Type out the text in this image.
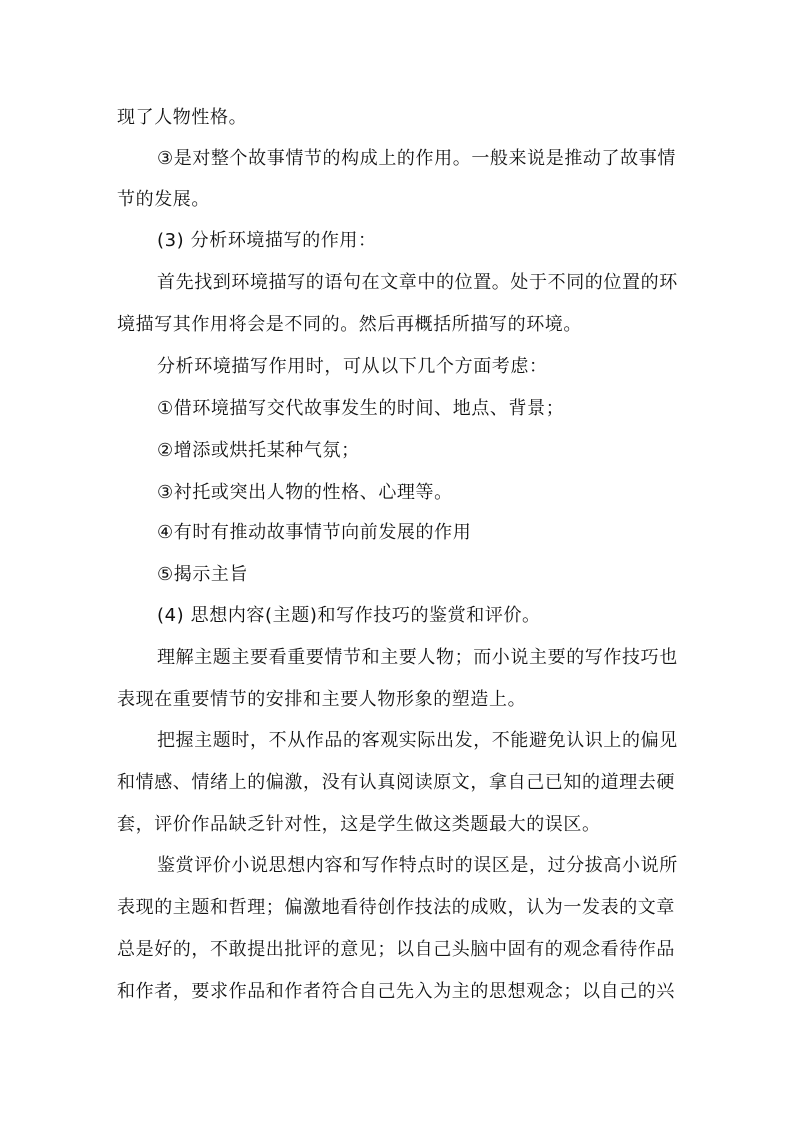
现了人物性格。
③是对整个故事情节的构成上的作用。一般来说是推动了故事情
节的发展。
(3) 分析环境描写的作用：
首先找到环境描写的语句在文章中的位置。处于不同的位置的环
境描写其作用将会是不同的。然后再概括所描写的环境。
分析环境描写作用时，可从以下几个方面考虑：
①借环境描写交代故事发生的时间、地点、背景；
②增添或烘托某种气氛；
③衬托或突出人物的性格、心理等。
④有时有推动故事情节向前发展的作用
⑤揭示主旨
(4) 思想内容(主题)和写作技巧的鉴赏和评价。
理解主题主要看重要情节和主要人物；而小说主要的写作技巧也
表现在重要情节的安排和主要人物形象的塑造上。
把握主题时，不从作品的客观实际出发，不能避免认识上的偏见
和情感、情绪上的偏激，没有认真阅读原文，拿自己已知的道理去硬
套，评价作品缺乏针对性，这是学生做这类题最大的误区。
鉴赏评价小说思想内容和写作特点时的误区是，过分拔高小说所
表现的主题和哲理；偏激地看待创作技法的成败，认为一发表的文章
总是好的，不敢提出批评的意见；以自己头脑中固有的观念看待作品
和作者，要求作品和作者符合自己先入为主的思想观念；以自己的兴
